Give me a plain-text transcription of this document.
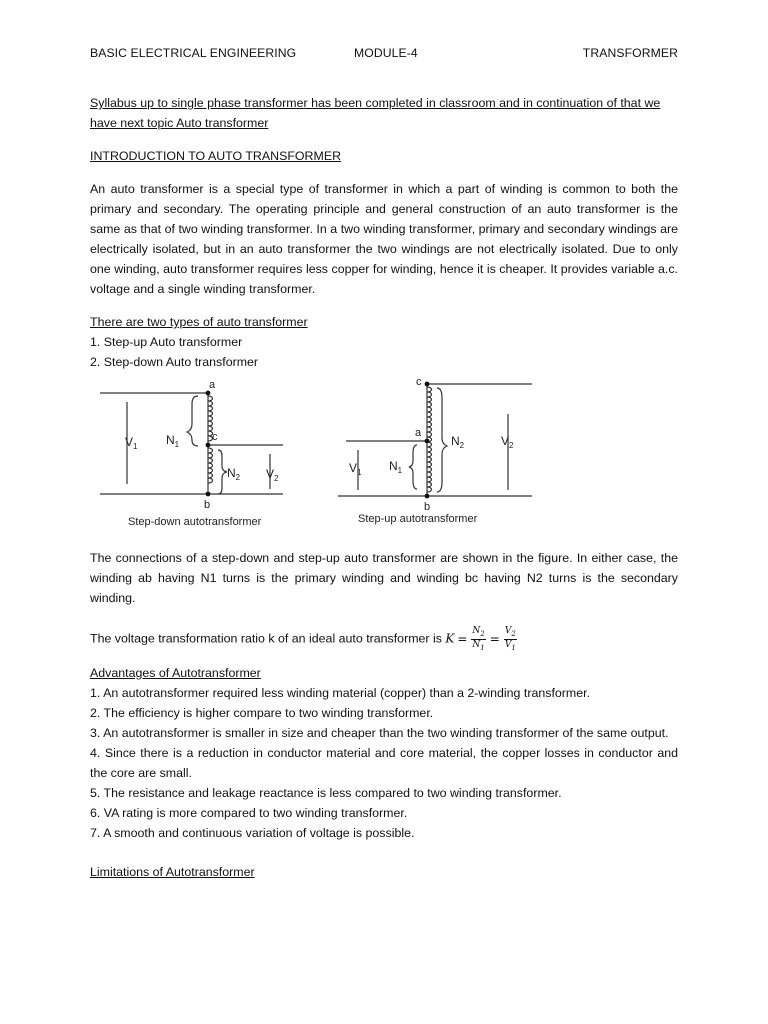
BASIC ELECTRICAL ENGINEERING	MODULE-4	TRANSFORMER

Syllabus up to single phase transformer has been completed in classroom and in continuation of that we have next topic Auto transformer

INTRODUCTION TO AUTO TRANSFORMER

An auto transformer is a special type of transformer in which a part of winding is common to both the primary and secondary. The operating principle and general construction of an auto transformer is the same as that of two winding transformer. In a two winding transformer, primary and secondary windings are electrically isolated, but in an auto transformer the two windings are not electrically isolated. Due to only one winding, auto transformer requires less copper for winding, hence it is cheaper. It provides variable a.c. voltage and a single winding transformer.

There are two types of auto transformer

1. Step-up Auto transformer

2. Step-down Auto transformer

a
c
b
$V_1$ $N_1$
$N_2$ $V_2$
Step-down autotransformer
c
a
b
$V_1$ $N_1$
$N_2$	$V_2$
Step-up autotransformer

The connections of a step-down and step-up auto transformer are shown in the figure. In either case, the winding ab having N1 turns is the primary winding and winding bc having N2 turns is the secondary winding.

The voltage transformation ratio k of an ideal auto transformer is $K = \frac{N_2}{N_1} = \frac{V_2}{V_1}$

Advantages of Autotransformer

1. An autotransformer required less winding material (copper) than a 2-winding transformer.

2. The efficiency is higher compare to two winding transformer.

3. An autotransformer is smaller in size and cheaper than the two winding transformer of the same output.

4. Since there is a reduction in conductor material and core material, the copper losses in conductor and the core are small.

5. The resistance and leakage reactance is less compared to two winding transformer.

6. VA rating is more compared to two winding transformer.

7. A smooth and continuous variation of voltage is possible.

Limitations of Autotransformer
